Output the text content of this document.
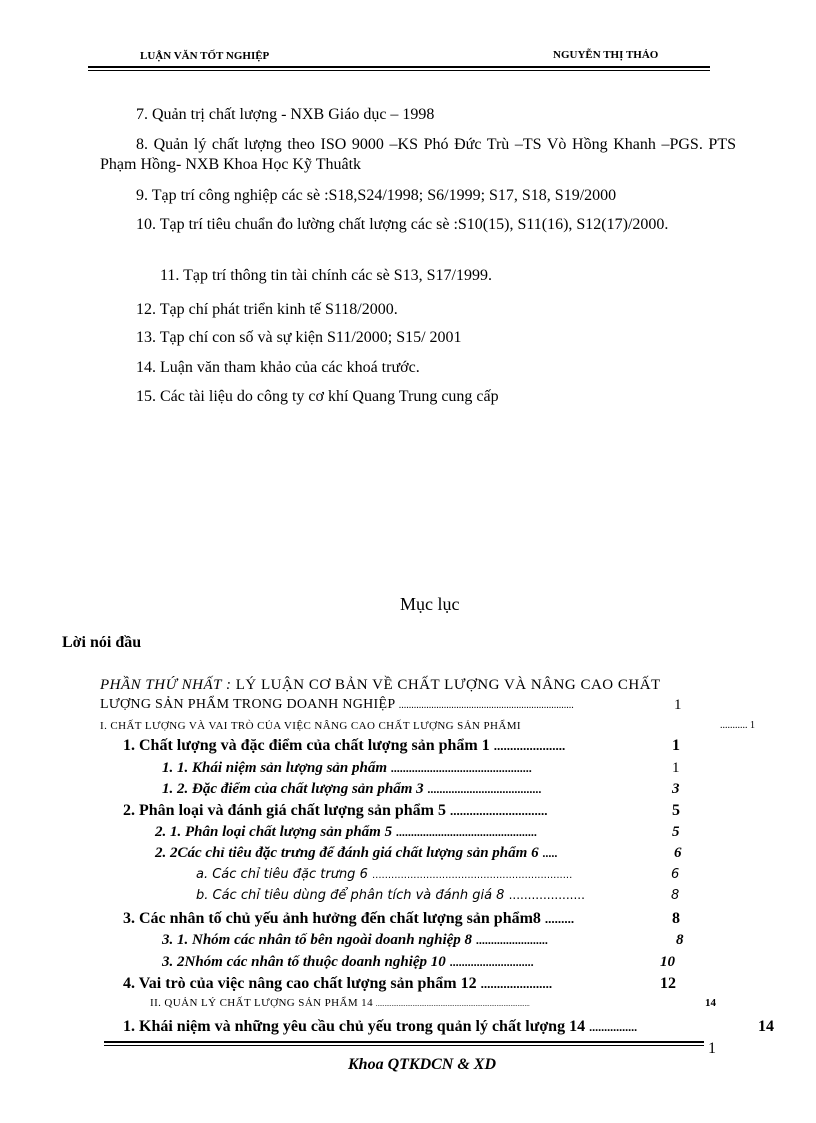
LUẬN VĂN TỐT NGHIỆP	NGUYỄN THỊ THẢO
7. Quản trị chất lượng - NXB Giáo dục – 1998
8. Quản lý chất lượng theo ISO 9000 –KS Phó Đức Trù –TS Vò Hồng Khanh –PGS. PTS Phạm Hồng- NXB Khoa Học Kỹ Thuâtk
9. Tạp trí công nghiệp các sè :S18,S24/1998; S6/1999; S17, S18, S19/2000
10. Tạp trí tiêu chuẩn đo lường chất lượng các sè :S10(15), S11(16), S12(17)/2000.
11. Tạp trí thông tin tài chính các sè S13, S17/1999.
12. Tạp chí phát triển kinh tế S118/2000.
13. Tạp chí con số và sự kiện S11/2000; S15/ 2001
14. Luận văn tham khảo của các khoá trước.
15. Các tài liệu do công ty cơ khí Quang Trung cung cấp
Mục lục
Lời nói đầu
PHẦN THỨ NHẤT : LÝ LUẬN CƠ BẢN VỀ CHẤT LƯỢNG VÀ NÂNG CAO CHẤT
LƯỢNG SẢN PHẨM TRONG DOANH NGHIỆP ......................................................................	1
I. CHẤT LƯỢNG VÀ VAI TRÒ CỦA VIỆC NÂNG CAO CHẤT LƯỢNG SẢN PHẨMI	........... 1
1. Chất lượng và đặc điểm của chất lượng sản phẩm 1 ......................	1
1. 1. Khái niệm sản lượng sản phẩm ...............................................	1
1. 2. Đặc điểm của chất lượng sản phẩm 3 ......................................	3
2. Phân loại và đánh giá chất lượng sản phẩm 5 ..............................	5
2. 1. Phân loại chất lượng sản phẩm 5 ...............................................	5
2. 2Các chỉ tiêu đặc trưng để đánh giá chất lượng sản phẩm 6 .....	6
a. Các chỉ tiêu đặc trưng 6 ...............................................................	6
b. Các chỉ tiêu dùng để phân tích và đánh giá 8 ....................	8
3. Các nhân tố chủ yếu ảnh hưởng đến chất lượng sản phẩm8 .........	8
3. 1. Nhóm các nhân tố bên ngoài doanh nghiệp 8 ........................	8
3. 2Nhóm các nhân tố thuộc doanh nghiệp 10 ............................	10
4. Vai trò của việc nâng cao chất lượng sản phẩm 12 ......................	12
II. QUẢN LÝ CHẤT LƯỢNG SẢN PHẨM 14 ........................................................................................	14
1. Khái niệm và những yêu cầu chủ yếu trong quản lý chất lượng 14 ................	14
1
Khoa QTKDCN & XD
